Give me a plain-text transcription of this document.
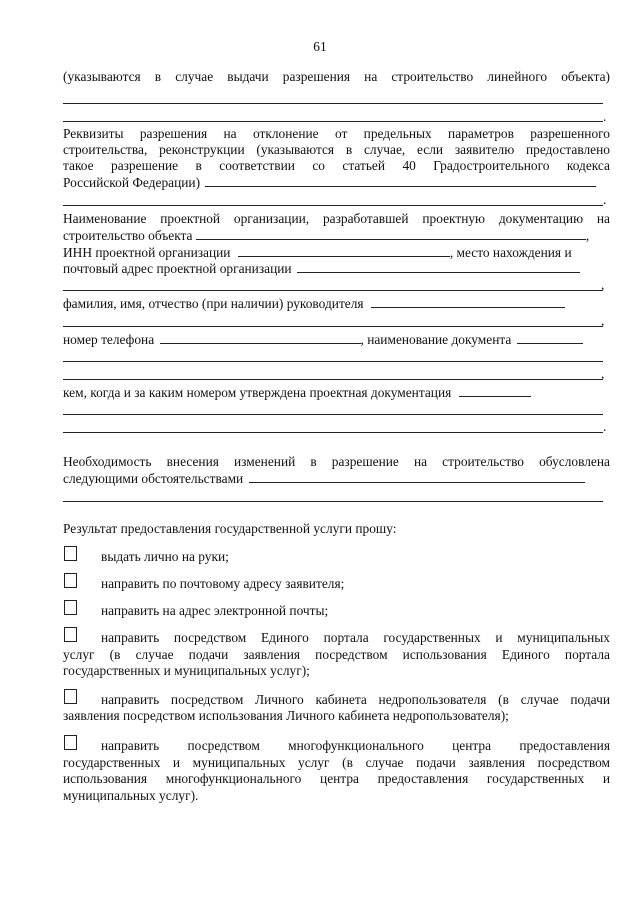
61
(указываются в случае выдачи разрешения на строительство линейного объекта)
.
Реквизиты разрешения на отклонение от предельных параметров разрешенного
строительства, реконструкции (указываются в случае, если заявителю предоставлено
такое разрешение в соответствии со статьей 40 Градостроительного кодекса
Российской Федерации)
.
Наименование проектной организации, разработавшей проектную документацию на
строительство объекта	,
ИНН проектной организации	, место нахождения и
почтовый адрес проектной организации
,
фамилия, имя, отчество (при наличии) руководителя
,
номер телефона	, наименование документа
,
кем, когда и за каким номером утверждена проектная документация
.
Необходимость внесения изменений в разрешение на строительство обусловлена
следующими обстоятельствами
Результат предоставления государственной услуги прошу:
выдать лично на руки;
направить по почтовому адресу заявителя;
направить на адрес электронной почты;
направить посредством Единого портала государственных и муниципальных
услуг (в случае подачи заявления посредством использования Единого портала
государственных и муниципальных услуг);
направить посредством Личного кабинета недропользователя (в случае подачи
заявления посредством использования Личного кабинета недропользователя);
направить посредством многофункционального центра предоставления
государственных и муниципальных услуг (в случае подачи заявления посредством
использования многофункционального центра предоставления государственных и
муниципальных услуг).
